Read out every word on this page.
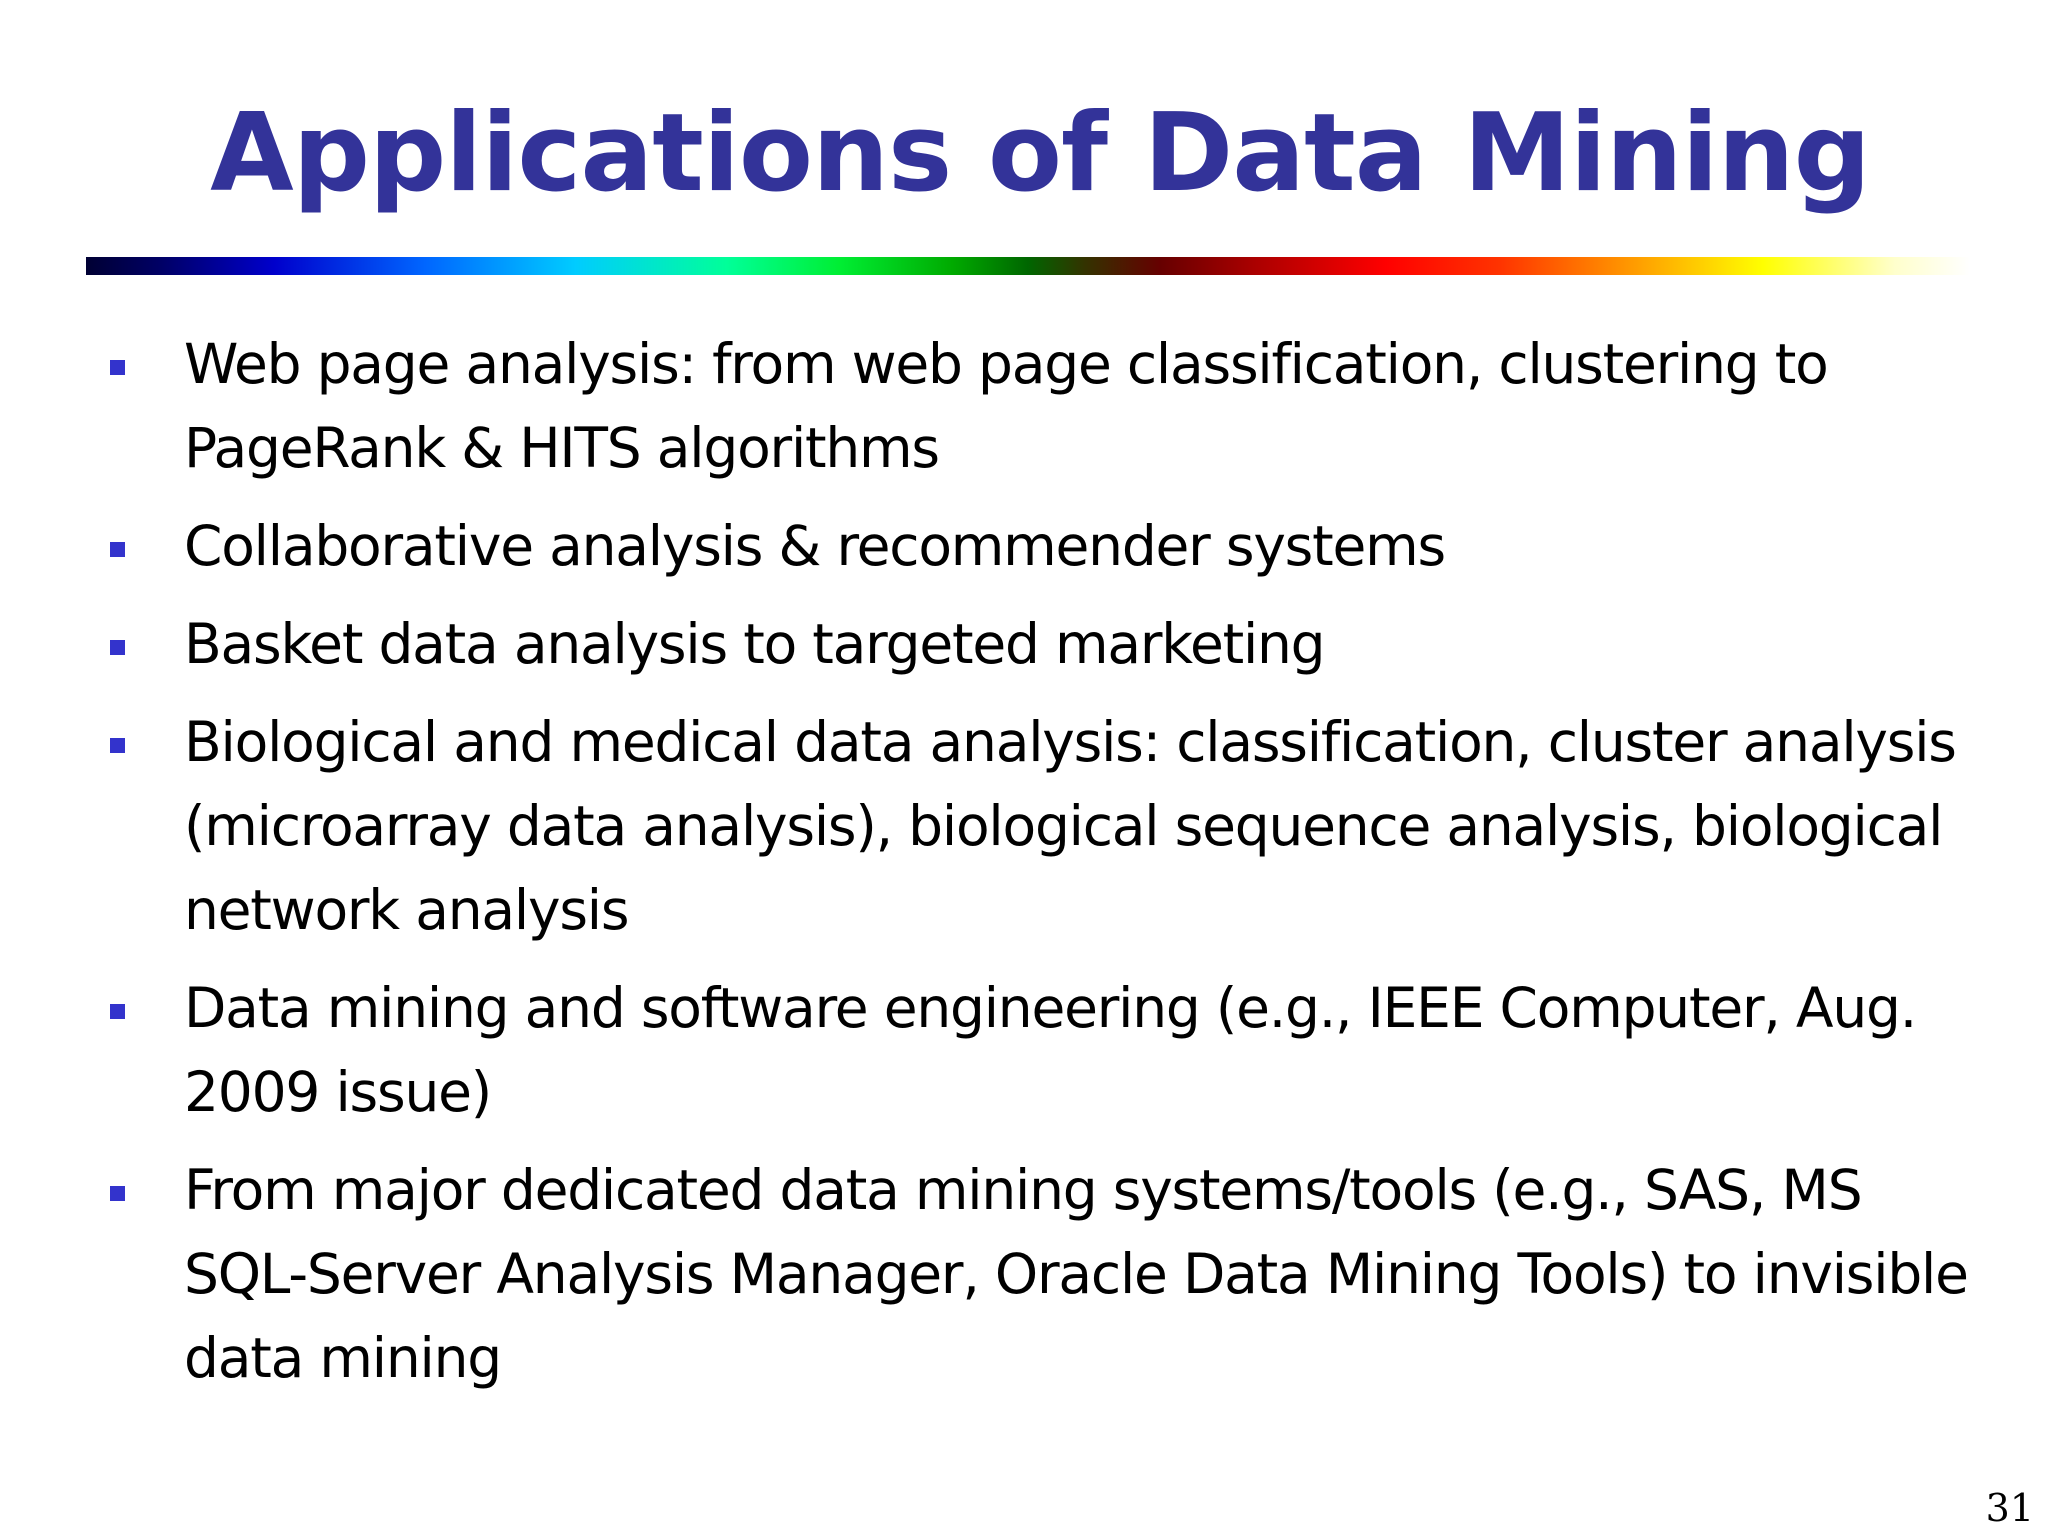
Applications of Data Mining
Web page analysis: from web page classification, clustering to PageRank & HITS algorithms
Collaborative analysis & recommender systems
Basket data analysis to targeted marketing
Biological and medical data analysis: classification, cluster analysis (microarray data analysis), biological sequence analysis, biological network analysis
Data mining and software engineering (e.g., IEEE Computer, Aug. 2009 issue)
From major dedicated data mining systems/tools (e.g., SAS, MS SQL-Server Analysis Manager, Oracle Data Mining Tools) to invisible data mining
31
